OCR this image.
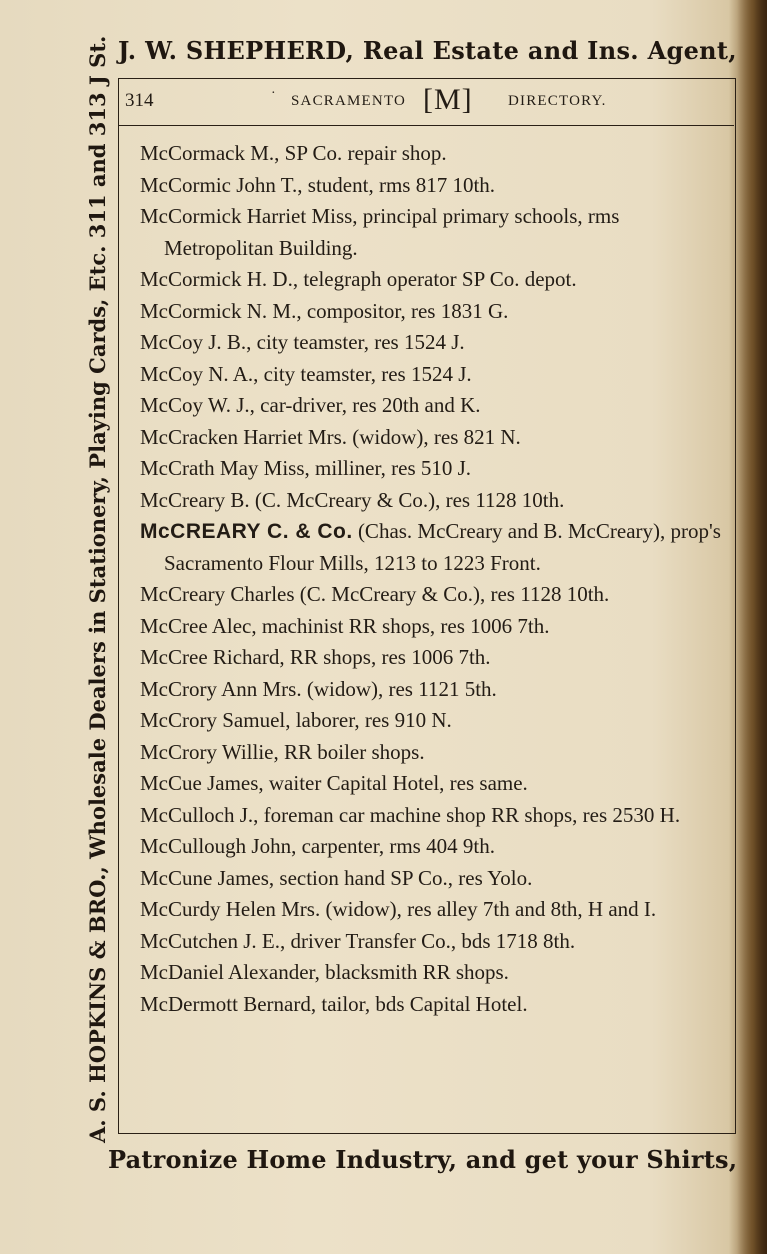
J. W. SHEPHERD, Real Estate and Ins. Agent,
A. S. HOPKINS & BRO., Wholesale Dealers in Stationery, Playing Cards, Etc. 311 and 313 J St. 314	· SACRAMENTO [M] DIRECTORY.

McCormack M., SP Co. repair shop.

McCormic John T., student, rms 817 10th.

McCormick Harriet Miss, principal primary schools, rms Metropolitan Building.

McCormick H. D., telegraph operator SP Co. depot.

McCormick N. M., compositor, res 1831 G.

McCoy J. B., city teamster, res 1524 J.

McCoy N. A., city teamster, res 1524 J.

McCoy W. J., car-driver, res 20th and K.

McCracken Harriet Mrs. (widow), res 821 N.

McCrath May Miss, milliner, res 510 J.

McCreary B. (C. McCreary & Co.), res 1128 10th.

McCREARY C. & Co. (Chas. McCreary and B. McCreary), prop's Sacramento Flour Mills, 1213 to 1223 Front.

McCreary Charles (C. McCreary & Co.), res 1128 10th.

McCree Alec, machinist RR shops, res 1006 7th.

McCree Richard, RR shops, res 1006 7th.

McCrory Ann Mrs. (widow), res 1121 5th.

McCrory Samuel, laborer, res 910 N.

McCrory Willie, RR boiler shops.

McCue James, waiter Capital Hotel, res same.

McCulloch J., foreman car machine shop RR shops, res 2530 H.

McCullough John, carpenter, rms 404 9th.

McCune James, section hand SP Co., res Yolo.

McCurdy Helen Mrs. (widow), res alley 7th and 8th, H and I.

McCutchen J. E., driver Transfer Co., bds 1718 8th.

McDaniel Alexander, blacksmith RR shops.

McDermott Bernard, tailor, bds Capital Hotel.

Patronize Home Industry, and get your Shirts,
